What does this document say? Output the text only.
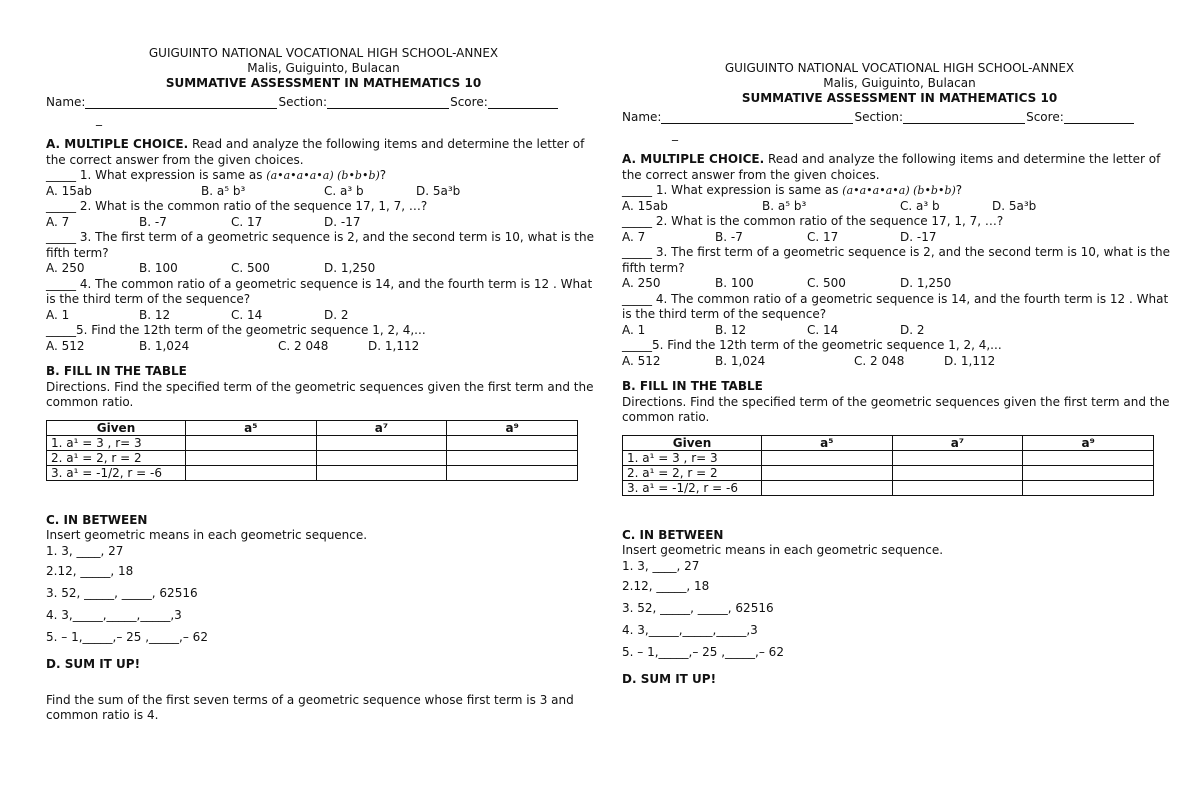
GUIGUINTO NATIONAL VOCATIONAL HIGH SCHOOL-ANNEX
Malis, Guiguinto, Bulacan
SUMMATIVE ASSESSMENT IN MATHEMATICS 10
Name:	Section:	Score:
_
A. MULTIPLE CHOICE. Read and analyze the following items and determine the letter of the correct answer from the given choices.
_____ 1. What expression is same as (a•a•a•a•a) (b•b•b)?
A. 15ab	B. a⁵ b³	C. a³ b	D. 5a³b
_____ 2. What is the common ratio of the sequence 17, 1, 7, …?
A. 7	B. -7	C. 17	D. -17
_____ 3. The first term of a geometric sequence is 2, and the second term is 10, what is the fifth term?
A. 250	B. 100	C. 500	D. 1,250
_____ 4. The common ratio of a geometric sequence is 14, and the fourth term is 12 . What is the third term of the sequence?
A. 1	B. 12	C. 14	D. 2
_____5. Find the 12th term of the geometric sequence 1, 2, 4,...
A. 512	B. 1,024	C. 2 048	D. 1,112
B. FILL IN THE TABLE
Directions. Find the specified term of the geometric sequences given the first term and the common ratio.
Given	a⁵	a⁷	a⁹
1. a¹ = 3 , r= 3			
2. a¹ = 2, r = 2			
3. a¹ = -1/2, r = -6			
C. IN BETWEEN
Insert geometric means in each geometric sequence.
1. 3, ____, 27
2.12, _____, 18
3. 52, _____, _____, 62516
4. 3,_____,_____,_____,3
5. – 1,_____,– 25 ,_____,– 62
D. SUM IT UP!
Find the sum of the first seven terms of a geometric sequence whose first term is 3 and common ratio is 4.
GUIGUINTO NATIONAL VOCATIONAL HIGH SCHOOL-ANNEX
Malis, Guiguinto, Bulacan
SUMMATIVE ASSESSMENT IN MATHEMATICS 10
Name:	Section:	Score:
_
A. MULTIPLE CHOICE. Read and analyze the following items and determine the letter of the correct answer from the given choices.
_____ 1. What expression is same as (a•a•a•a•a) (b•b•b)?
A. 15ab	B. a⁵ b³	C. a³ b	D. 5a³b
_____ 2. What is the common ratio of the sequence 17, 1, 7, …?
A. 7	B. -7	C. 17	D. -17
_____ 3. The first term of a geometric sequence is 2, and the second term is 10, what is the fifth term?
A. 250	B. 100	C. 500	D. 1,250
_____ 4. The common ratio of a geometric sequence is 14, and the fourth term is 12 . What is the third term of the sequence?
A. 1	B. 12	C. 14	D. 2
_____5. Find the 12th term of the geometric sequence 1, 2, 4,...
A. 512	B. 1,024	C. 2 048	D. 1,112
B. FILL IN THE TABLE
Directions. Find the specified term of the geometric sequences given the first term and the common ratio.
Given	a⁵	a⁷	a⁹
1. a¹ = 3 , r= 3			
2. a¹ = 2, r = 2			
3. a¹ = -1/2, r = -6			
C. IN BETWEEN
Insert geometric means in each geometric sequence.
1. 3, ____, 27
2.12, _____, 18
3. 52, _____, _____, 62516
4. 3,_____,_____,_____,3
5. – 1,_____,– 25 ,_____,– 62
D. SUM IT UP!
